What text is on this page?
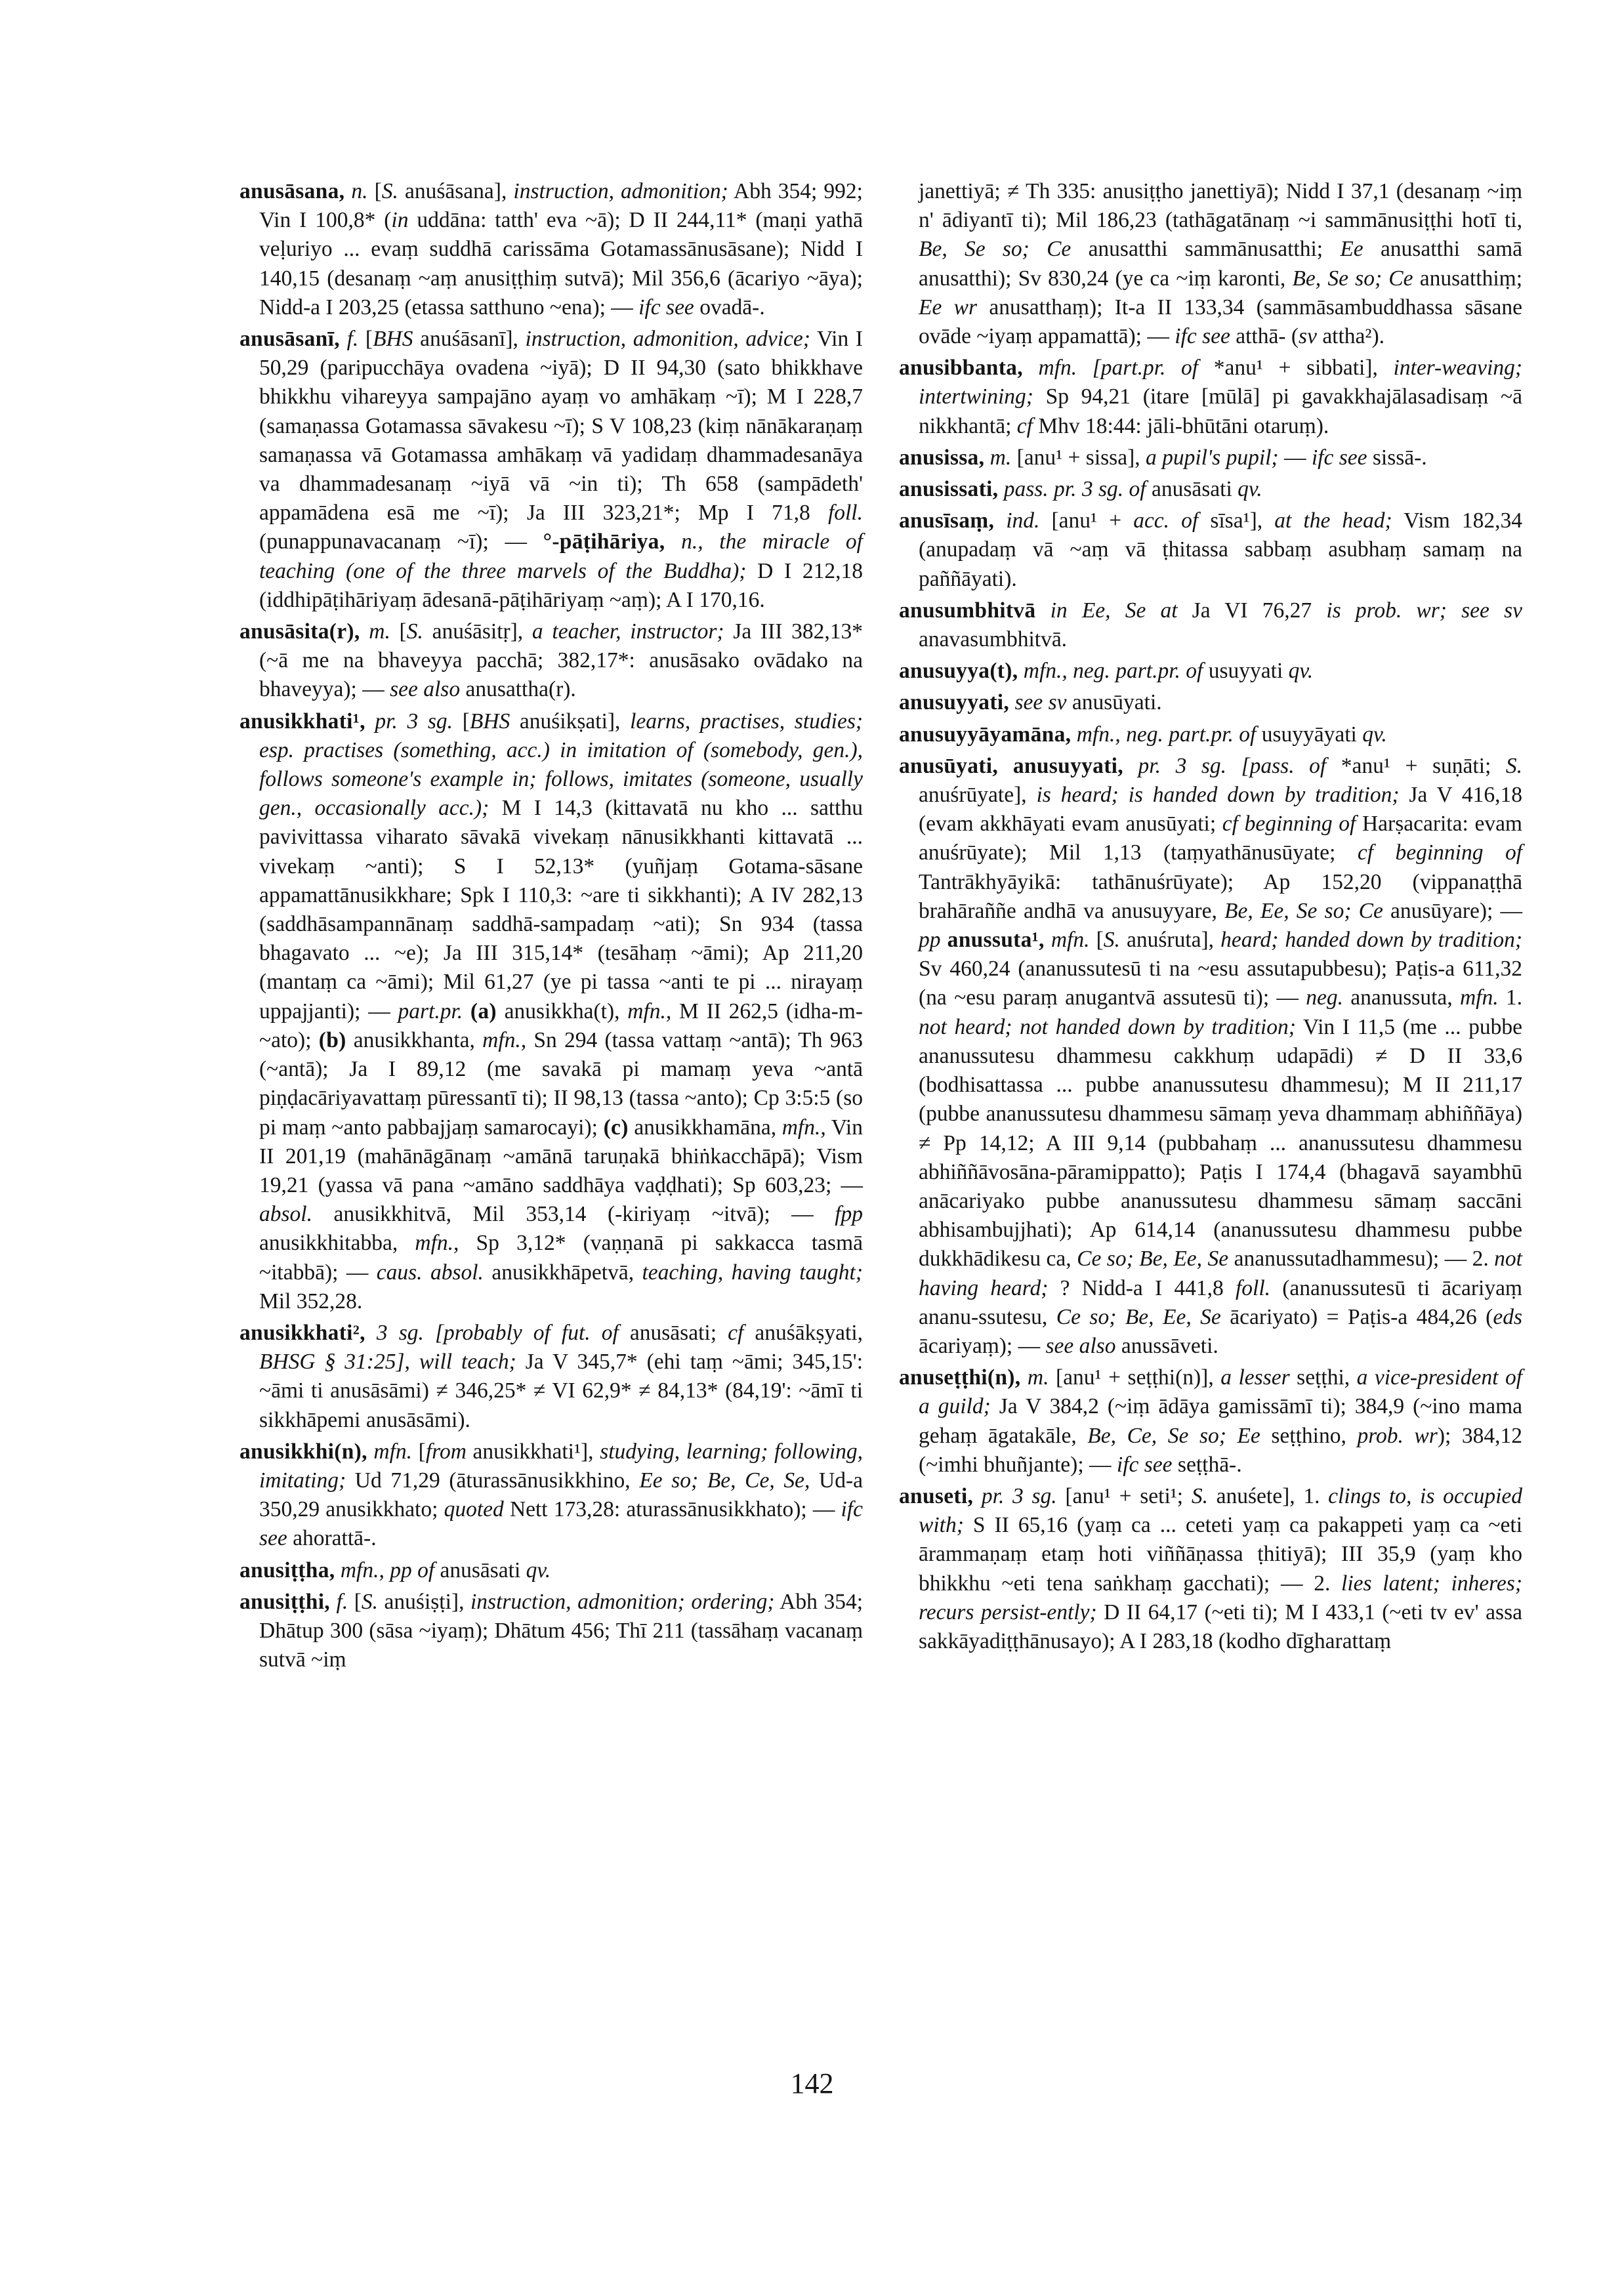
anusāsana, n. [S. anuśāsana], instruction, admonition; Abh 354; 992; Vin I 100,8* (in uddāna: tatth' eva ~ā); D II 244,11* (maṇi yathā veḷuriyo ... evaṃ suddhā carissāma Gotamassānusāsane); Nidd I 140,15 (desanaṃ ~aṃ anusiṭṭhiṃ sutvā); Mil 356,6 (ācariyo ~āya); Nidd-a I 203,25 (etassa satthuno ~ena); — ifc see ovadā-.

anusāsanī, f. [BHS anuśāsanī], instruction, admonition, advice; Vin I 50,29 (paripucchāya ovadena ~iyā); D II 94,30 (sato bhikkhave bhikkhu vihareyya sampajāno ayaṃ vo amhākaṃ ~ī); M I 228,7 (samaṇassa Gotamassa sāvakesu ~ī); S V 108,23 (kiṃ nānākaraṇaṃ samaṇassa vā Gotamassa amhākaṃ vā yadidaṃ dhammadesanāya va dhammadesanaṃ ~iyā vā ~in ti); Th 658 (sampādeth' appamādena esā me ~ī); Ja III 323,21*; Mp I 71,8 foll. (punappunavacanaṃ ~ī); — °-pāṭihāriya, n., the miracle of teaching (one of the three marvels of the Buddha); D I 212,18 (iddhipāṭihāriyaṃ ādesanā-pāṭihāriyaṃ ~aṃ); A I 170,16.

anusāsita(r), m. [S. anuśāsitṛ], a teacher, instructor; Ja III 382,13* (~ā me na bhaveyya pacchā; 382,17*: anusāsako ovādako na bhaveyya); — see also anusattha(r).

anusikkhati¹, pr. 3 sg. [BHS anuśikṣati], learns, practises, studies; esp. practises (something, acc.) in imitation of (somebody, gen.), follows someone's example in; follows, imitates (someone, usually gen., occasionally acc.); M I 14,3 (kittavatā nu kho ... satthu pavivittassa viharato sāvakā vivekaṃ nānusikkhanti kittavatā ... vivekaṃ ~anti); S I 52,13* (yuñjaṃ Gotama-sāsane appamattānusikkhare; Spk I 110,3: ~are ti sikkhanti); A IV 282,13 (saddhāsampannānaṃ saddhā-sampadaṃ ~ati); Sn 934 (tassa bhagavato ... ~e); Ja III 315,14* (tesāhaṃ ~āmi); Ap 211,20 (mantaṃ ca ~āmi); Mil 61,27 (ye pi tassa ~anti te pi ... nirayaṃ uppajjanti); — part.pr. (a) anusikkha(t), mfn., M II 262,5 (idha-m-~ato); (b) anusikkhanta, mfn., Sn 294 (tassa vattaṃ ~antā); Th 963 (~antā); Ja I 89,12 (me savakā pi mamaṃ yeva ~antā piṇḍacāriyavattaṃ pūressantī ti); II 98,13 (tassa ~anto); Cp 3:5:5 (so pi maṃ ~anto pabbajjaṃ samarocayi); (c) anusikkhamāna, mfn., Vin II 201,19 (mahānāgānaṃ ~amānā taruṇakā bhiṅkacchāpā); Vism 19,21 (yassa vā pana ~amāno saddhāya vaḍḍhati); Sp 603,23; — absol. anusikkhitvā, Mil 353,14 (-kiriyaṃ ~itvā); — fpp anusikkhitabba, mfn., Sp 3,12* (vaṇṇanā pi sakkacca tasmā ~itabbā); — caus. absol. anusikkhāpetvā, teaching, having taught; Mil 352,28.

anusikkhati², 3 sg. [probably of fut. of anusāsati; cf anuśākṣyati, BHSG § 31:25], will teach; Ja V 345,7* (ehi taṃ ~āmi; 345,15': ~āmi ti anusāsāmi) ≠ 346,25* ≠ VI 62,9* ≠ 84,13* (84,19': ~āmī ti sikkhāpemi anusāsāmi).

anusikkhi(n), mfn. [from anusikkhati¹], studying, learning; following, imitating; Ud 71,29 (āturassānusikkhino, Ee so; Be, Ce, Se, Ud-a 350,29 anusikkhato; quoted Nett 173,28: aturassānusikkhato); — ifc see ahorattā-.

anusiṭṭha, mfn., pp of anusāsati qv.

anusiṭṭhi, f. [S. anuśiṣṭi], instruction, admonition; ordering; Abh 354; Dhātup 300 (sāsa ~iyaṃ); Dhātum 456; Thī 211 (tassāhaṃ vacanaṃ sutvā ~iṃ

janettiyā; ≠ Th 335: anusiṭṭho janettiyā); Nidd I 37,1 (desanaṃ ~iṃ n' ādiyantī ti); Mil 186,23 (tathāgatānaṃ ~i sammānusiṭṭhi hotī ti, Be, Se so; Ce anusatthi sammānusatthi; Ee anusatthi samā anusatthi); Sv 830,24 (ye ca ~iṃ karonti, Be, Se so; Ce anusatthiṃ; Ee wr anusatthaṃ); It-a II 133,34 (sammāsambuddhassa sāsane ovāde ~iyaṃ appamattā); — ifc see atthā- (sv attha²).

anusibbanta, mfn. [part.pr. of *anu¹ + sibbati], inter-weaving; intertwining; Sp 94,21 (itare [mūlā] pi gavakkhajālasadisaṃ ~ā nikkhantā; cf Mhv 18:44: jāli-bhūtāni otaruṃ).

anusissa, m. [anu¹ + sissa], a pupil's pupil; — ifc see sissā-.

anusissati, pass. pr. 3 sg. of anusāsati qv.

anusīsaṃ, ind. [anu¹ + acc. of sīsa¹], at the head; Vism 182,34 (anupadaṃ vā ~aṃ vā ṭhitassa sabbaṃ asubhaṃ samaṃ na paññāyati).

anusumbhitvā in Ee, Se at Ja VI 76,27 is prob. wr; see sv anavasumbhitvā.

anusuyya(t), mfn., neg. part.pr. of usuyyati qv.

anusuyyati, see sv anusūyati.

anusuyyāyamāna, mfn., neg. part.pr. of usuyyāyati qv.

anusūyati, anusuyyati, pr. 3 sg. [pass. of *anu¹ + suṇāti; S. anuśrūyate], is heard; is handed down by tradition; Ja V 416,18 (evam akkhāyati evam anusūyati; cf beginning of Harṣacarita: evam anuśrūyate); Mil 1,13 (taṃyathānusūyate; cf beginning of Tantrākhyāyikā: tathānuśrūyate); Ap 152,20 (vippanaṭṭhā brahāraññe andhā va anusuyyare, Be, Ee, Se so; Ce anusūyare); — pp anussuta¹, mfn. [S. anuśruta], heard; handed down by tradition; Sv 460,24 (ananussutesū ti na ~esu assutapubbesu); Paṭis-a 611,32 (na ~esu paraṃ anugantvā assutesū ti); — neg. ananussuta, mfn. 1. not heard; not handed down by tradition; Vin I 11,5 (me ... pubbe ananussutesu dhammesu cakkhuṃ udapādi) ≠ D II 33,6 (bodhisattassa ... pubbe ananussutesu dhammesu); M II 211,17 (pubbe ananussutesu dhammesu sāmaṃ yeva dhammaṃ abhiññāya) ≠ Pp 14,12; A III 9,14 (pubbahaṃ ... ananussutesu dhammesu abhiññāvosāna-pāramippatto); Paṭis I 174,4 (bhagavā sayambhū anācariyako pubbe ananussutesu dhammesu sāmaṃ saccāni abhisambujjhati); Ap 614,14 (ananussutesu dhammesu pubbe dukkhādikesu ca, Ce so; Be, Ee, Se ananussutadhammesu); — 2. not having heard; ? Nidd-a I 441,8 foll. (ananussutesū ti ācariyaṃ ananu-ssutesu, Ce so; Be, Ee, Se ācariyato) = Paṭis-a 484,26 (eds ācariyaṃ); — see also anussāveti.

anuseṭṭhi(n), m. [anu¹ + seṭṭhi(n)], a lesser seṭṭhi, a vice-president of a guild; Ja V 384,2 (~iṃ ādāya gamissāmī ti); 384,9 (~ino mama gehaṃ āgatakāle, Be, Ce, Se so; Ee seṭṭhino, prob. wr); 384,12 (~imhi bhuñjante); — ifc see seṭṭhā-.

anuseti, pr. 3 sg. [anu¹ + seti¹; S. anuśete], 1. clings to, is occupied with; S II 65,16 (yaṃ ca ... ceteti yaṃ ca pakappeti yaṃ ca ~eti ārammaṇaṃ etaṃ hoti viññāṇassa ṭhitiyā); III 35,9 (yaṃ kho bhikkhu ~eti tena saṅkhaṃ gacchati); — 2. lies latent; inheres; recurs persist-ently; D II 64,17 (~eti ti); M I 433,1 (~eti tv ev' assa sakkāyadiṭṭhānusayo); A I 283,18 (kodho dīgharattaṃ

142
